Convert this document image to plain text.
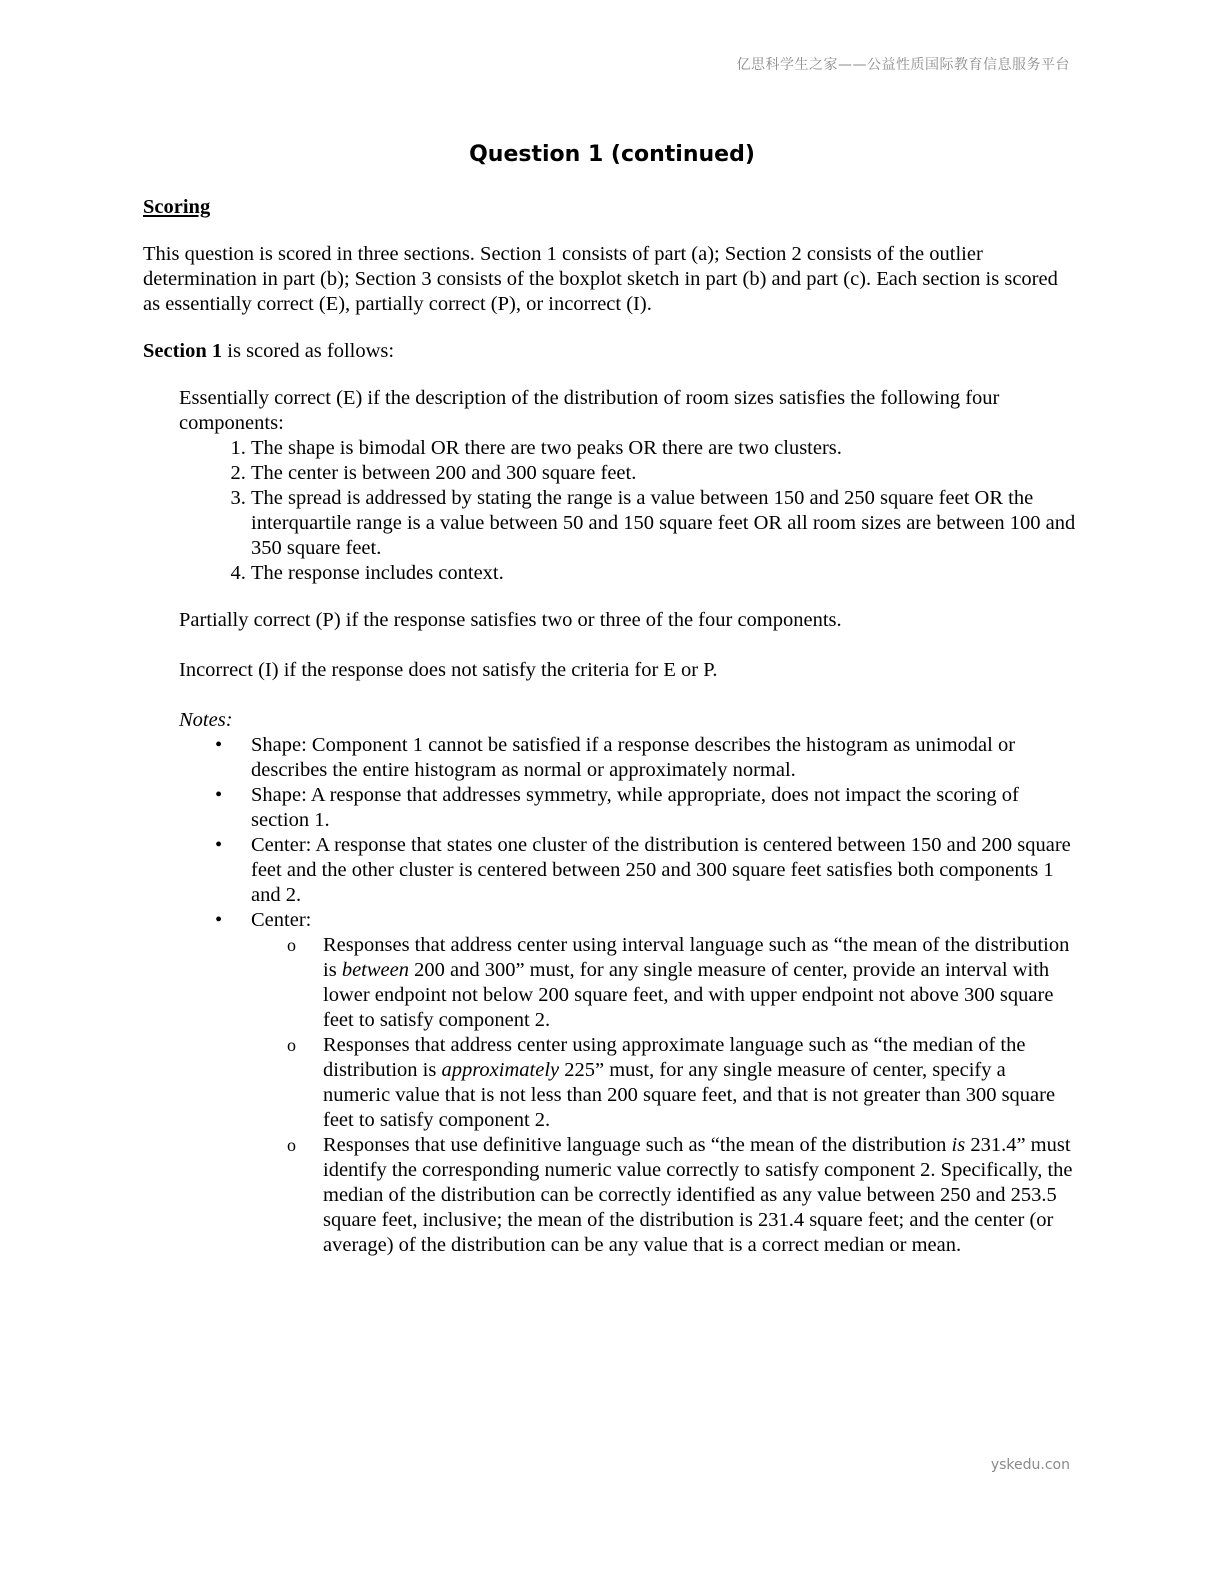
亿思科学生之家——公益性质国际教育信息服务平台
Question 1 (continued)

Scoring

This question is scored in three sections. Section 1 consists of part (a); Section 2 consists of the outlier determination in part (b); Section 3 consists of the boxplot sketch in part (b) and part (c). Each section is scored as essentially correct (E), partially correct (P), or incorrect (I).

Section 1 is scored as follows:

Essentially correct (E) if the description of the distribution of room sizes satisfies the following four components:

1. The shape is bimodal OR there are two peaks OR there are two clusters.
2. The center is between 200 and 300 square feet.
3. The spread is addressed by stating the range is a value between 150 and 250 square feet OR the interquartile range is a value between 50 and 150 square feet OR all room sizes are between 100 and 350 square feet.
4. The response includes context.

Partially correct (P) if the response satisfies two or three of the four components.

Incorrect (I) if the response does not satisfy the criteria for E or P.

Notes:

• Shape: Component 1 cannot be satisfied if a response describes the histogram as unimodal or describes the entire histogram as normal or approximately normal.
• Shape: A response that addresses symmetry, while appropriate, does not impact the scoring of section 1.
• Center: A response that states one cluster of the distribution is centered between 150 and 200 square feet and the other cluster is centered between 250 and 300 square feet satisfies both components 1 and 2.
• Center:
o Responses that address center using interval language such as “the mean of the distribution is between 200 and 300” must, for any single measure of center, provide an interval with lower endpoint not below 200 square feet, and with upper endpoint not above 300 square feet to satisfy component 2.
o Responses that address center using approximate language such as “the median of the distribution is approximately 225” must, for any single measure of center, specify a numeric value that is not less than 200 square feet, and that is not greater than 300 square feet to satisfy component 2.
o Responses that use definitive language such as “the mean of the distribution is 231.4” must identify the corresponding numeric value correctly to satisfy component 2. Specifically, the median of the distribution can be correctly identified as any value between 250 and 253.5 square feet, inclusive; the mean of the distribution is 231.4 square feet; and the center (or average) of the distribution can be any value that is a correct median or mean.
yskedu.con
